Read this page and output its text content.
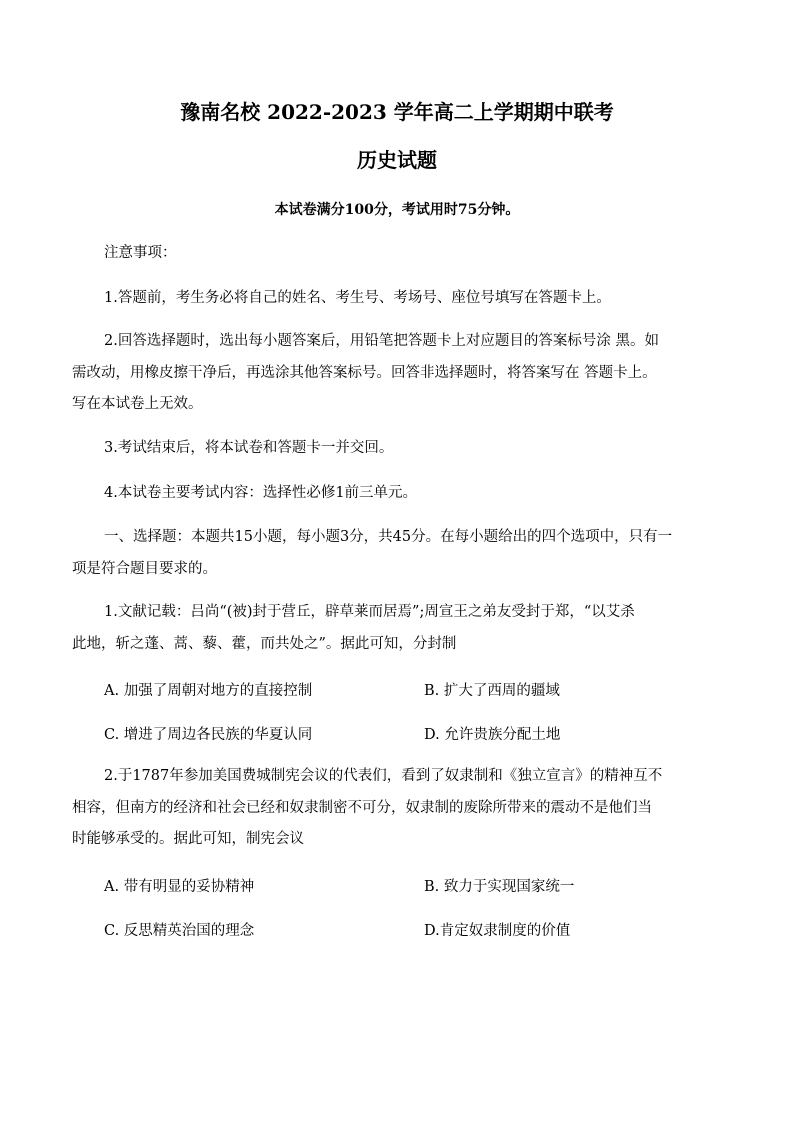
豫南名校 2022-2023 学年高二上学期期中联考
历史试题
本试卷满分100分，考试用时75分钟。
注意事项：
1.答题前，考生务必将自己的姓名、考生号、考场号、座位号填写在答题卡上。
2.回答选择题时，选出每小题答案后，用铅笔把答题卡上对应题目的答案标号涂 黑。如
需改动，用橡皮擦干净后，再选涂其他答案标号。回答非选择题时，将答案写在 答题卡上。
写在本试卷上无效。
3.考试结束后，将本试卷和答题卡一并交回。
4.本试卷主要考试内容：选择性必修1前三单元。
一、选择题：本题共15小题，每小题3分，共45分。在每小题给出的四个选项中，只有一
项是符合题目要求的。
1.文献记载：吕尚“(被)封于营丘，辟草莱而居焉”;周宣王之弟友受封于郑，“以艾杀
此地，斩之蓬、蒿、藜、藿，而共处之”。据此可知，分封制
A. 加强了周朝对地方的直接控制	B. 扩大了西周的疆域
C. 增进了周边各民族的华夏认同	D. 允许贵族分配土地
2.于1787年参加美国费城制宪会议的代表们，看到了奴隶制和《独立宣言》的精神互不
相容，但南方的经济和社会已经和奴隶制密不可分，奴隶制的废除所带来的震动不是他们当
时能够承受的。据此可知，制宪会议
A. 带有明显的妥协精神	B. 致力于实现国家统一
C. 反思精英治国的理念	D.肯定奴隶制度的价值
